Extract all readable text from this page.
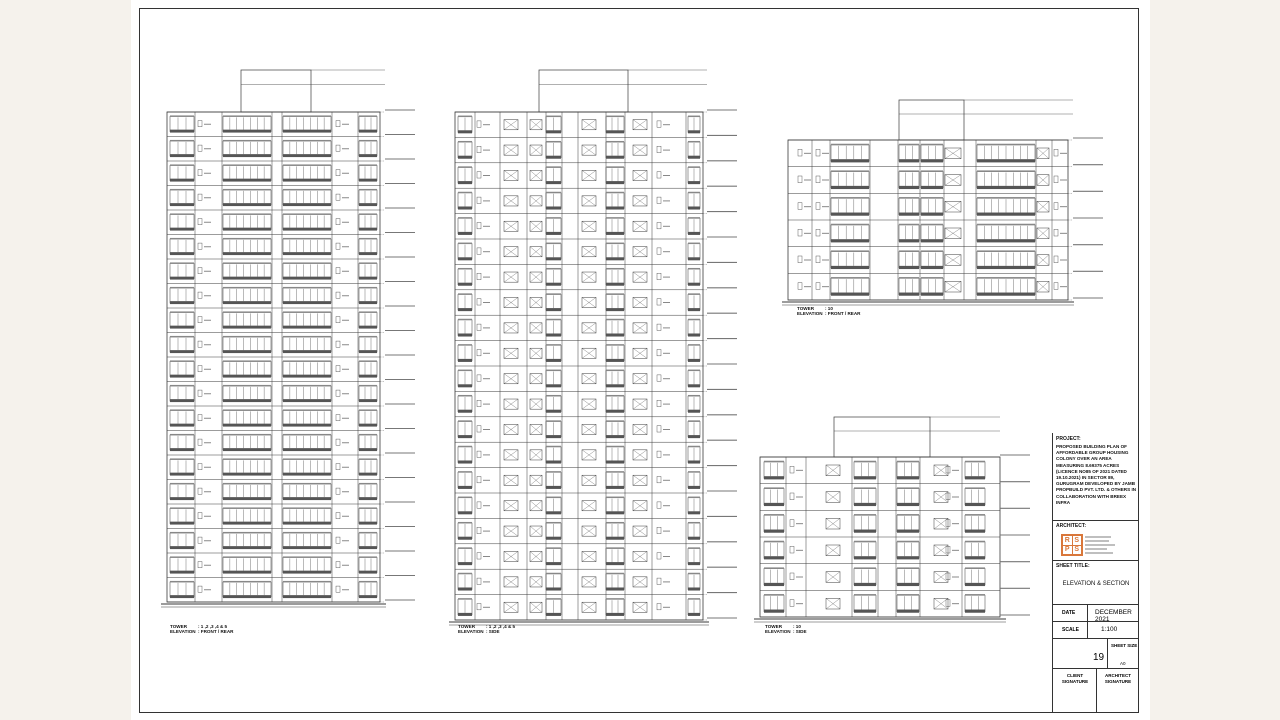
TOWER : 1 ,2 ,3 ,4 & 5
ELEVATION : FRONT / REAR
TOWER : 1 ,2 ,3 ,4 & 5
ELEVATION : SIDE
TOWER : 10
ELEVATION : FRONT / REAR
TOWER : 10
ELEVATION : SIDE
PROJECT:
PROPOSED BUILDING PLAN OF AFFORDABLE GROUP HOUSING COLONY OVER AN AREA MEASURING 8.69375 ACRES (LICENCE NO85 OF 2021 DATED 19.10.2021) IN SECTOR 89, GURUGRAM DEVELOPED BY JAMB PROPBUILD PVT. LTD. & OTHERS IN COLLABORATION WITH BREEX INFRA
ARCHITECT:
R S
P S
SHEET TITLE:
ELEVATION & SECTION
DATE	DECEMBER 2021
SCALE	1:100
19
SHEET SIZE
A0
CLIENT SIGNATURE
ARCHITECT SIGNATURE
